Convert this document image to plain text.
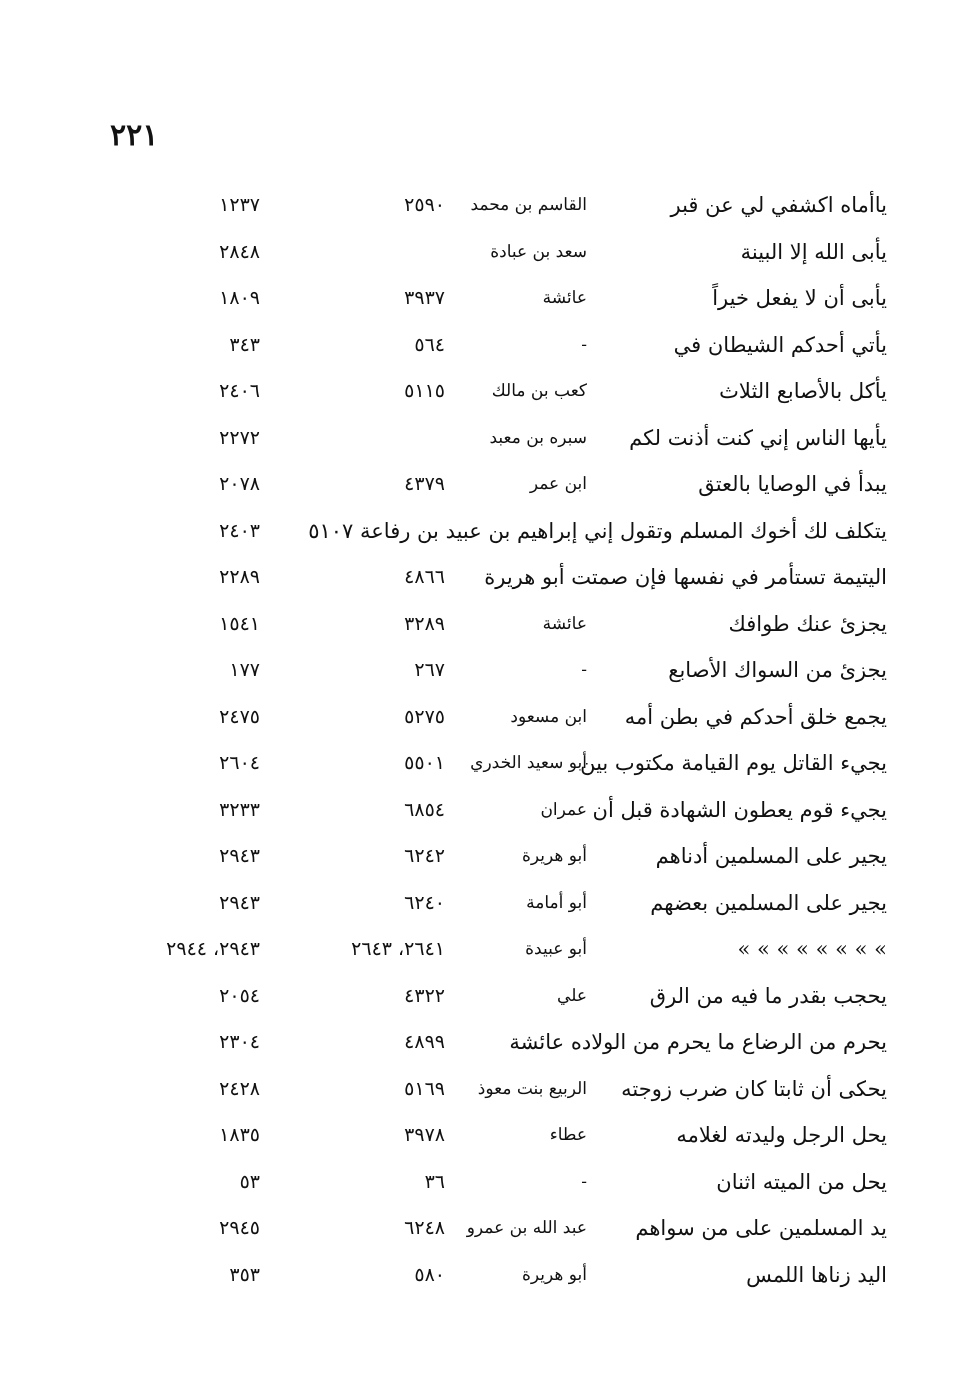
٢٢١
ياأماه اكشفي لي عن قبر
القاسم بن محمد
٢٥٩٠
١٢٣٧
يأبى الله إلا البينة
سعد بن عبادة
٢٨٤٨
يأبى أن لا يفعل خيراً
عائشة
٣٩٣٧
١٨٠٩
يأتي أحدكم الشيطان في
-
٥٦٤
٣٤٣
يأكل بالأصابع الثلاث
كعب بن مالك
٥١١٥
٢٤٠٦
يأيها الناس إني كنت أذنت لكم
سبره بن معبد
٢٢٧٢
يبدأ في الوصايا بالعتق
ابن عمر
٤٣٧٩
٢٠٧٨
يتكلف لك أخوك المسلم وتقول إني إبراهيم بن عبيد بن رفاعة ٥١٠٧
٢٤٠٣
اليتيمة تستأمر في نفسها فإن صمتت أبو هريرة
٤٨٦٦
٢٢٨٩
يجزئ عنك طوافك
عائشة
٣٢٨٩
١٥٤١
يجزئ من السواك الأصابع
-
٢٦٧
١٧٧
يجمع خلق أحدكم في بطن أمه
ابن مسعود
٥٢٧٥
٢٤٧٥
يجيء القاتل يوم القيامة مكتوب بين
أبو سعيد الخدري
٥٥٠١
٢٦٠٤
يجيء قوم يعطون الشهادة قبل أن
عمران
٦٨٥٤
٣٢٣٣
يجير على المسلمين أدناهم
أبو هريرة
٦٢٤٢
٢٩٤٣
يجير على المسلمين بعضهم
أبو أمامة
٦٢٤٠
٢٩٤٣
» » » » » » » »
أبو عبيدة
٢٦٤١، ٢٦٤٣
٢٩٤٣، ٢٩٤٤
يحجب بقدر ما فيه من الرق
علي
٤٣٢٢
٢٠٥٤
يحرم من الرضاع ما يحرم من الولاده عائشة
٤٨٩٩
٢٣٠٤
يحكى أن ثابتا كان ضرب زوجته
الربيع بنت معوذ
٥١٦٩
٢٤٢٨
يحل الرجل وليدته لغلامه
عطاء
٣٩٧٨
١٨٣٥
يحل من الميته اثنان
-
٣٦
٥٣
يد المسلمين على من سواهم
عبد الله بن عمرو
٦٢٤٨
٢٩٤٥
اليد زناها اللمس
أبو هريرة
٥٨٠
٣٥٣
